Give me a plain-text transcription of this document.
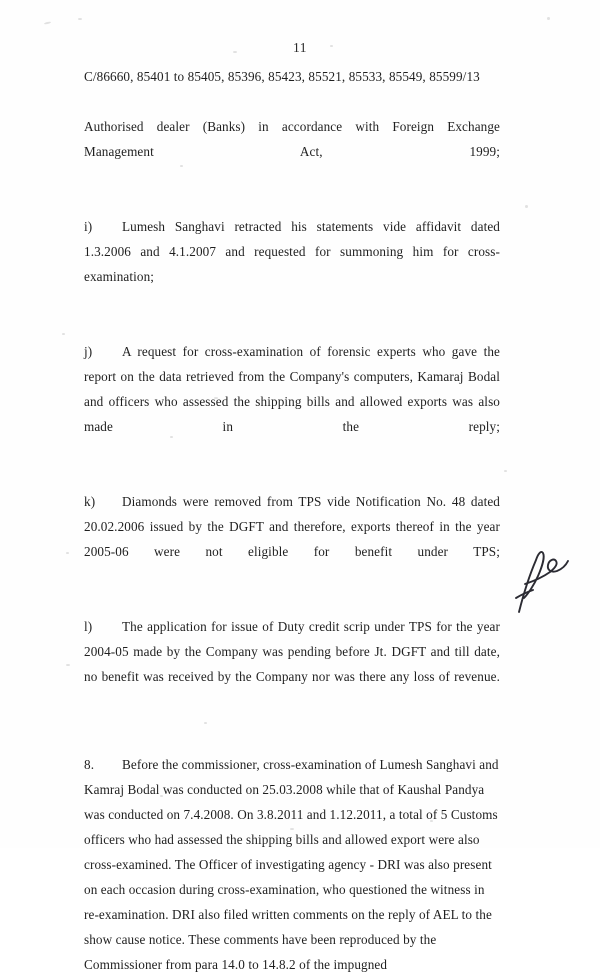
11
C/86660, 85401 to 85405, 85396, 85423, 85521, 85533, 85549, 85599/13

Authorised dealer (Banks) in accordance with Foreign Exchange Management Act, 1999;

i) Lumesh Sanghavi retracted his statements vide affidavit dated 1.3.2006 and 4.1.2007 and requested for summoning him for cross-examination;

j) A request for cross-examination of forensic experts who gave the report on the data retrieved from the Company's computers, Kamaraj Bodal and officers who assessed the shipping bills and allowed exports was also made in the reply;

k) Diamonds were removed from TPS vide Notification No. 48 dated 20.02.2006 issued by the DGFT and therefore, exports thereof in the year 2005-06 were not eligible for benefit under TPS;

l) The application for issue of Duty credit scrip under TPS for the year 2004-05 made by the Company was pending before Jt. DGFT and till date, no benefit was received by the Company nor was there any loss of revenue.

8. Before the commissioner, cross-examination of Lumesh Sanghavi and Kamraj Bodal was conducted on 25.03.2008 while that of Kaushal Pandya was conducted on 7.4.2008. On 3.8.2011 and 1.12.2011, a total of 5 Customs officers who had assessed the shipping bills and allowed export were also cross-examined. The Officer of investigating agency - DRI was also present on each occasion during cross-examination, who questioned the witness in re-examination. DRI also filed written comments on the reply of AEL to the show cause notice. These comments have been reproduced by the Commissioner from para 14.0 to 14.8.2 of the impugned
